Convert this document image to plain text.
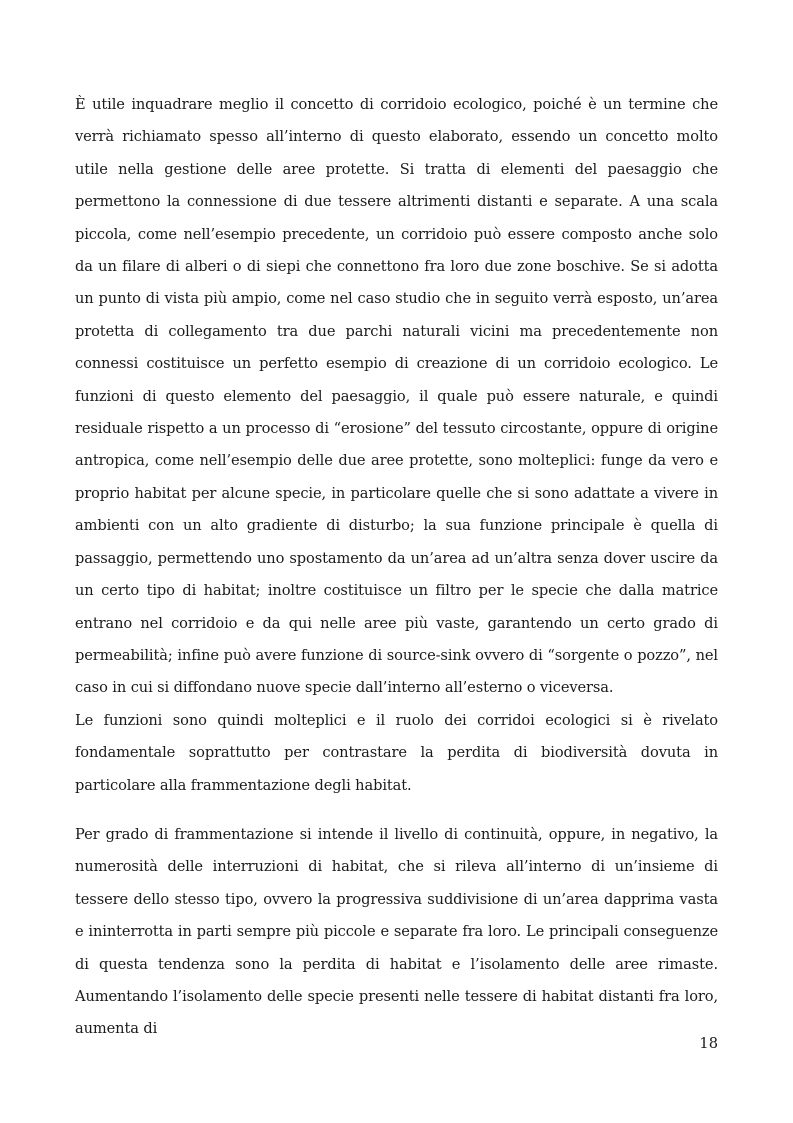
È utile inquadrare meglio il concetto di corridoio ecologico, poiché è un termine che verrà richiamato spesso all’interno di questo elaborato, essendo un concetto molto utile nella gestione delle aree protette. Si tratta di elementi del paesaggio che permettono la connessione di due tessere altrimenti distanti e separate. A una scala piccola, come nell’esempio precedente, un corridoio può essere composto anche solo da un filare di alberi o di siepi che connettono fra loro due zone boschive. Se si adotta un punto di vista più ampio, come nel caso studio che in seguito verrà esposto, un’area protetta di collegamento tra due parchi naturali vicini ma precedentemente non connessi costituisce un perfetto esempio di creazione di un corridoio ecologico. Le funzioni di questo elemento del paesaggio, il quale può essere naturale, e quindi residuale rispetto a un processo di “erosione” del tessuto circostante, oppure di origine antropica, come nell’esempio delle due aree protette, sono molteplici: funge da vero e proprio habitat per alcune specie, in particolare quelle che si sono adattate a vivere in ambienti con un alto gradiente di disturbo; la sua funzione principale è quella di passaggio, permettendo uno spostamento da un’area ad un’altra senza dover uscire da un certo tipo di habitat; inoltre costituisce un filtro per le specie che dalla matrice entrano nel corridoio e da qui nelle aree più vaste, garantendo un certo grado di permeabilità; infine può avere funzione di source-sink ovvero di “sorgente o pozzo”, nel caso in cui si diffondano nuove specie dall’interno all’esterno o viceversa.

Le funzioni sono quindi molteplici e il ruolo dei corridoi ecologici si è rivelato fondamentale soprattutto per contrastare la perdita di biodiversità dovuta in particolare alla frammentazione degli habitat.

Per grado di frammentazione si intende il livello di continuità, oppure, in negativo, la numerosità delle interruzioni di habitat, che si rileva all’interno di un’insieme di tessere dello stesso tipo, ovvero la progressiva suddivisione di un’area dapprima vasta e ininterrotta in parti sempre più piccole e separate fra loro. Le principali conseguenze di questa tendenza sono la perdita di habitat e l’isolamento delle aree rimaste. Aumentando l’isolamento delle specie presenti nelle tessere di habitat distanti fra loro, aumenta di

18
